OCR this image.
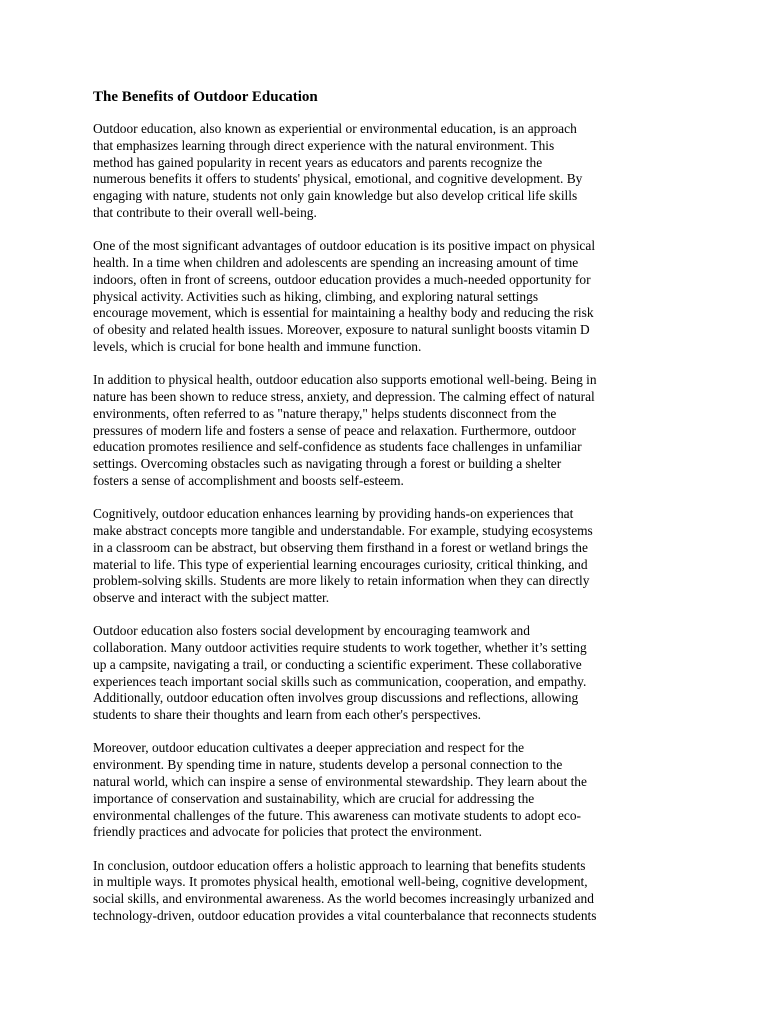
The Benefits of Outdoor Education
Outdoor education, also known as experiential or environmental education, is an approach
that emphasizes learning through direct experience with the natural environment. This
method has gained popularity in recent years as educators and parents recognize the
numerous benefits it offers to students' physical, emotional, and cognitive development. By
engaging with nature, students not only gain knowledge but also develop critical life skills
that contribute to their overall well-being.
One of the most significant advantages of outdoor education is its positive impact on physical
health. In a time when children and adolescents are spending an increasing amount of time
indoors, often in front of screens, outdoor education provides a much-needed opportunity for
physical activity. Activities such as hiking, climbing, and exploring natural settings
encourage movement, which is essential for maintaining a healthy body and reducing the risk
of obesity and related health issues. Moreover, exposure to natural sunlight boosts vitamin D
levels, which is crucial for bone health and immune function.
In addition to physical health, outdoor education also supports emotional well-being. Being in
nature has been shown to reduce stress, anxiety, and depression. The calming effect of natural
environments, often referred to as "nature therapy," helps students disconnect from the
pressures of modern life and fosters a sense of peace and relaxation. Furthermore, outdoor
education promotes resilience and self-confidence as students face challenges in unfamiliar
settings. Overcoming obstacles such as navigating through a forest or building a shelter
fosters a sense of accomplishment and boosts self-esteem.
Cognitively, outdoor education enhances learning by providing hands-on experiences that
make abstract concepts more tangible and understandable. For example, studying ecosystems
in a classroom can be abstract, but observing them firsthand in a forest or wetland brings the
material to life. This type of experiential learning encourages curiosity, critical thinking, and
problem-solving skills. Students are more likely to retain information when they can directly
observe and interact with the subject matter.
Outdoor education also fosters social development by encouraging teamwork and
collaboration. Many outdoor activities require students to work together, whether it’s setting
up a campsite, navigating a trail, or conducting a scientific experiment. These collaborative
experiences teach important social skills such as communication, cooperation, and empathy.
Additionally, outdoor education often involves group discussions and reflections, allowing
students to share their thoughts and learn from each other's perspectives.
Moreover, outdoor education cultivates a deeper appreciation and respect for the
environment. By spending time in nature, students develop a personal connection to the
natural world, which can inspire a sense of environmental stewardship. They learn about the
importance of conservation and sustainability, which are crucial for addressing the
environmental challenges of the future. This awareness can motivate students to adopt eco-
friendly practices and advocate for policies that protect the environment.
In conclusion, outdoor education offers a holistic approach to learning that benefits students
in multiple ways. It promotes physical health, emotional well-being, cognitive development,
social skills, and environmental awareness. As the world becomes increasingly urbanized and
technology-driven, outdoor education provides a vital counterbalance that reconnects students
